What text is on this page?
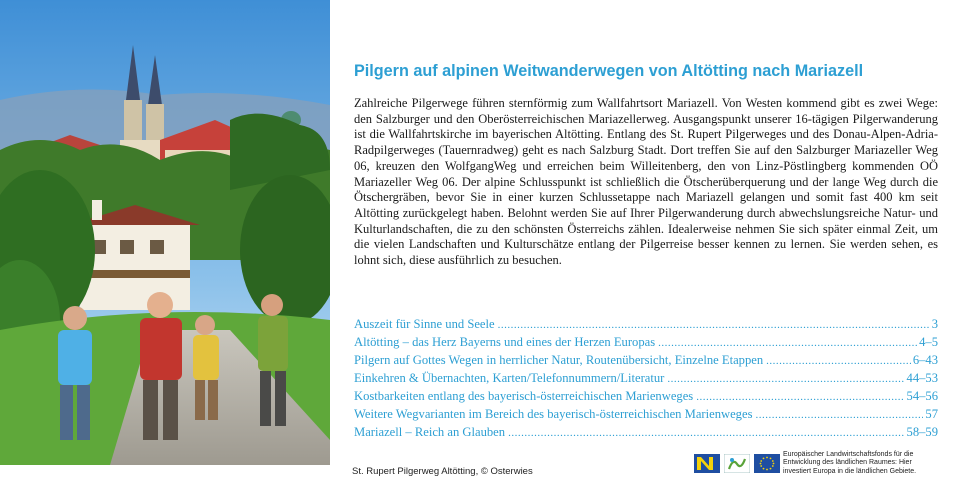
St. Rupert Pilgerweg Altötting, © Osterwies
Pilgern auf alpinen Weitwanderwegen von Altötting nach Mariazell

Zahlreiche Pilgerwege führen sternförmig zum Wallfahrtsort Mariazell. Von Westen kommend gibt es zwei Wege: den Salzburger und den Oberösterreichischen Mariazellerweg. Ausgangspunkt unserer 16-tägigen Pilgerwanderung ist die Wallfahrtskirche im bayerischen Altötting. Entlang des St. Rupert Pilgerweges und des Donau-Alpen-Adria-Radpilgerweges (Tauernradweg) geht es nach Salzburg Stadt. Dort treffen Sie auf den Salzburger Mariazeller Weg 06, kreuzen den WolfgangWeg und erreichen beim Willeitenberg, den von Linz-Pöstlingberg kommenden OÖ Mariazeller Weg 06. Der alpine Schlusspunkt ist schließlich die Ötscherüberquerung und der lange Weg durch die Ötschergräben, bevor Sie in einer kurzen Schlussetappe nach Mariazell gelangen und somit fast 400 km seit Altötting zurückgelegt haben. Belohnt werden Sie auf Ihrer Pilgerwanderung durch abwechslungsreiche Natur- und Kulturlandschaften, die zu den schönsten Österreichs zählen. Idealerweise nehmen Sie sich später einmal Zeit, um die vielen Landschaften und Kulturschätze entlang der Pilgerreise besser kennen zu lernen. Sie werden sehen, es lohnt sich, diese ausführlich zu besuchen.

Auszeit für Sinne und Seele .....	3
Altötting – das Herz Bayerns und eines der Herzen Europas .....	4–5
Pilgern auf Gottes Wegen in herrlicher Natur, Routenübersicht, Einzelne Etappen .....	6–43
Einkehren & Übernachten, Karten/Telefonnummern/Literatur .....	44–53
Kostbarkeiten entlang des bayerisch-österreichischen Marienweges .....	54–56
Weitere Wegvarianten im Bereich des bayerisch-österreichischen Marienweges .....	57
Mariazell – Reich an Glauben .....	58–59
Europäischer Landwirtschaftsfonds für die
Entwicklung des ländlichen Raumes: Hier
investiert Europa in die ländlichen Gebiete.
